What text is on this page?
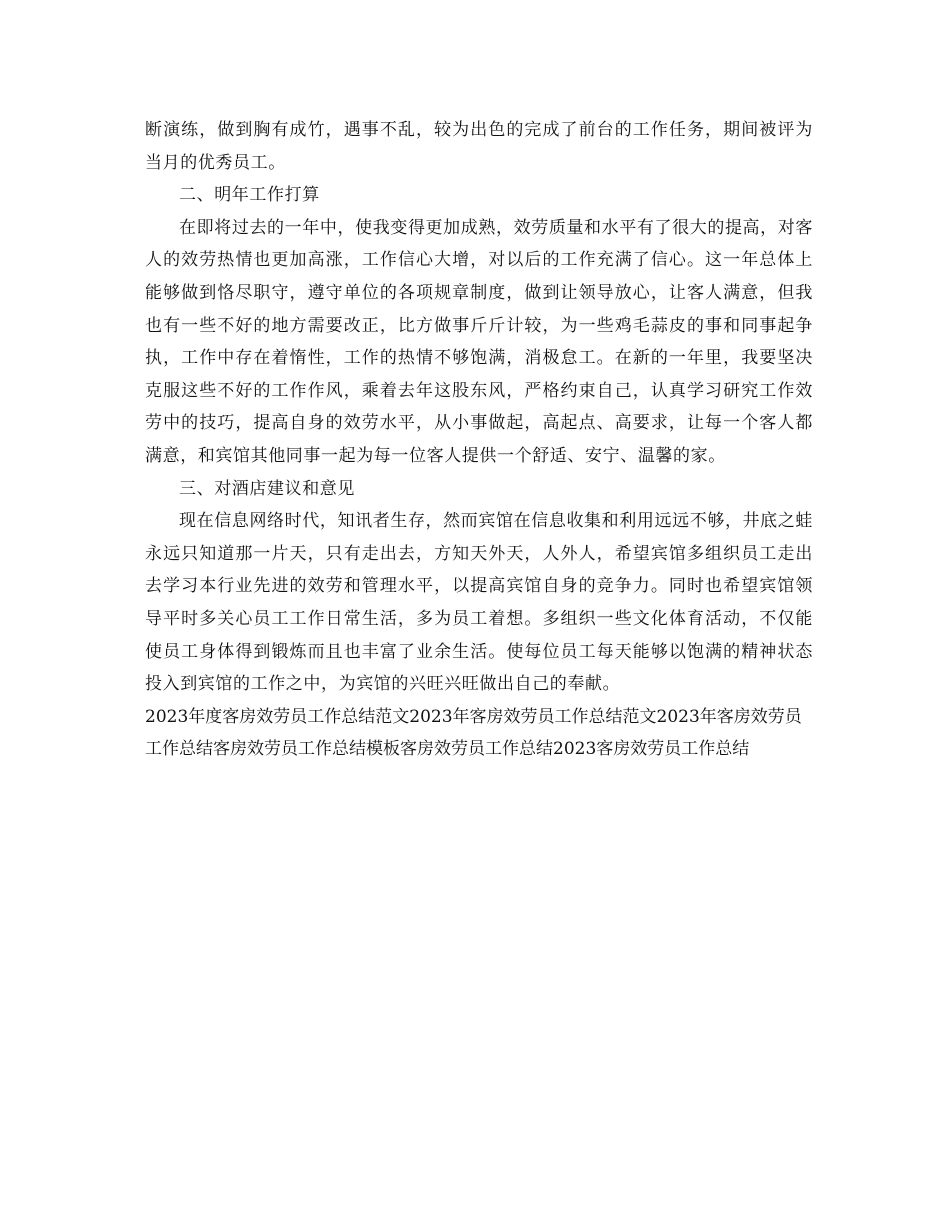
断演练，做到胸有成竹，遇事不乱，较为出色的完成了前台的工作任务，期间被评为当月的优秀员工。

二、明年工作打算

在即将过去的一年中，使我变得更加成熟，效劳质量和水平有了很大的提高，对客人的效劳热情也更加高涨，工作信心大增，对以后的工作充满了信心。这一年总体上能够做到恪尽职守，遵守单位的各项规章制度，做到让领导放心，让客人满意，但我也有一些不好的地方需要改正，比方做事斤斤计较，为一些鸡毛蒜皮的事和同事起争执，工作中存在着惰性，工作的热情不够饱满，消极怠工。在新的一年里，我要坚决克服这些不好的工作作风，乘着去年这股东风，严格约束自己，认真学习研究工作效劳中的技巧，提高自身的效劳水平，从小事做起，高起点、高要求，让每一个客人都满意，和宾馆其他同事一起为每一位客人提供一个舒适、安宁、温馨的家。

三、对酒店建议和意见

现在信息网络时代，知讯者生存，然而宾馆在信息收集和利用远远不够，井底之蛙永远只知道那一片天，只有走出去，方知天外天，人外人，希望宾馆多组织员工走出去学习本行业先进的效劳和管理水平，以提高宾馆自身的竞争力。同时也希望宾馆领导平时多关心员工工作日常生活，多为员工着想。多组织一些文化体育活动，不仅能使员工身体得到锻炼而且也丰富了业余生活。使每位员工每天能够以饱满的精神状态投入到宾馆的工作之中，为宾馆的兴旺兴旺做出自己的奉献。

2023年度客房效劳员工作总结范文2023年客房效劳员工作总结范文2023年客房效劳员工作总结客房效劳员工作总结模板客房效劳员工作总结2023客房效劳员工作总结
